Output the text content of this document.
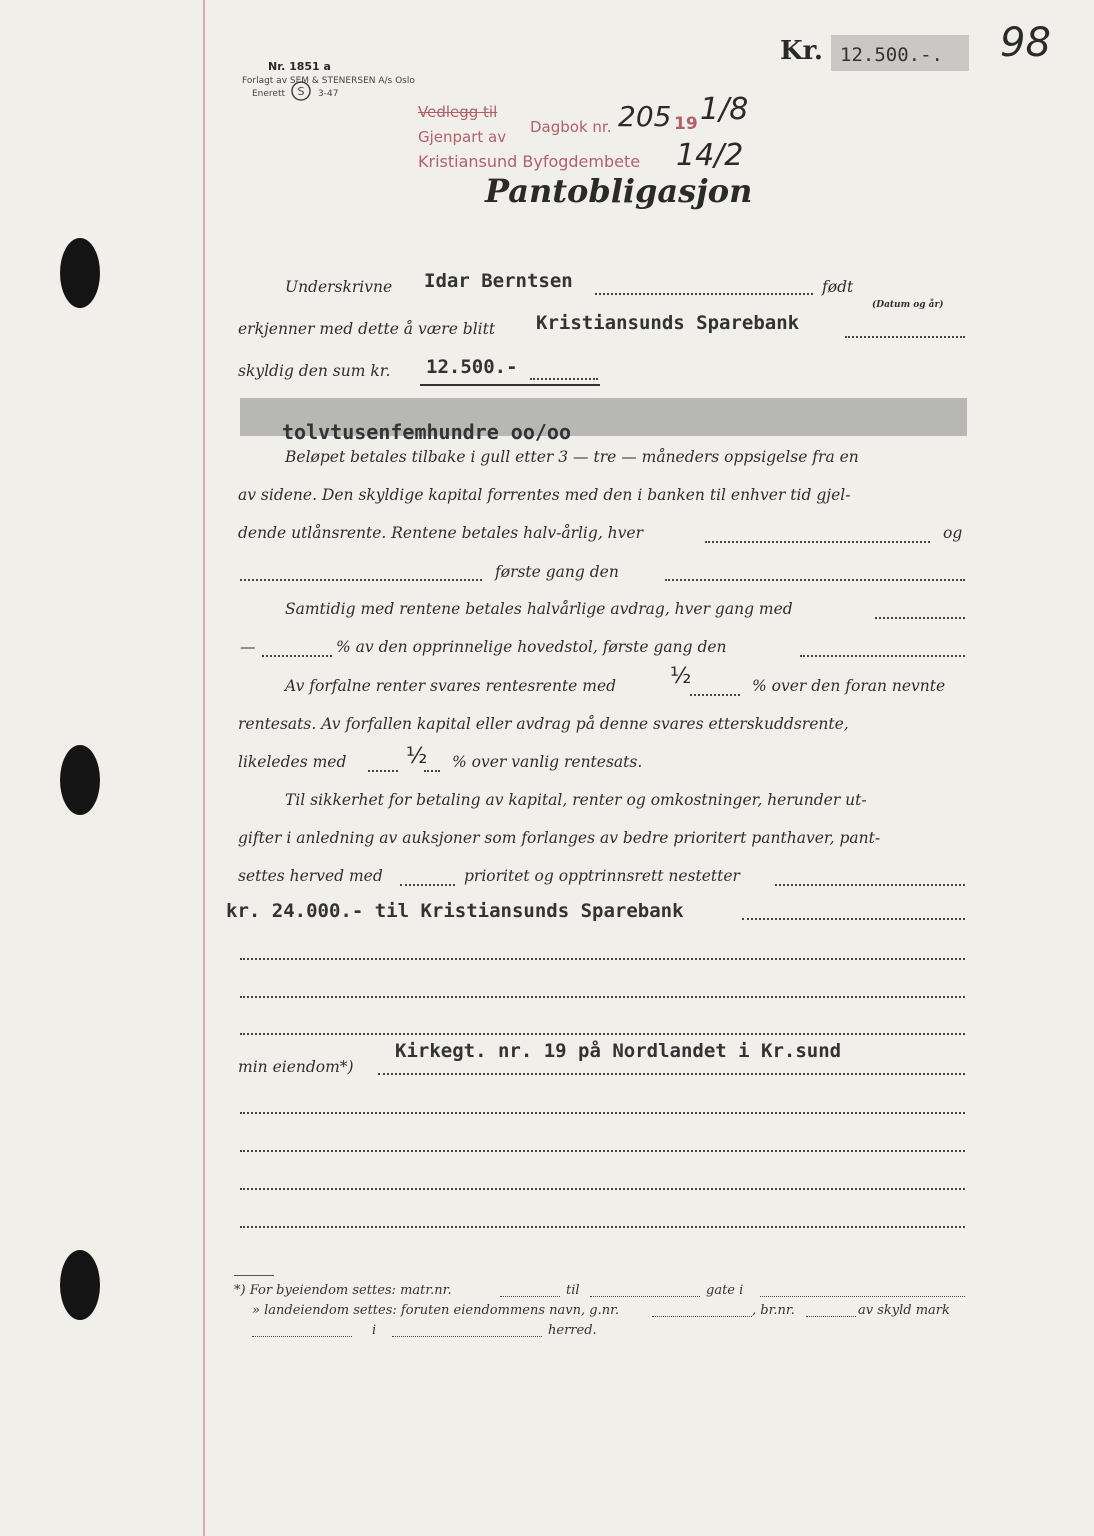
Nr. 1851 a
Forlagt av SEM & STENERSEN A/s Oslo
Enerett S 3-47
Vedlegg til
Gjenpart av
Dagbok nr. 205 19 1/8
Kristiansund Byfogdembete 14/2
Kr. 12.500.-. 98
Pantobligasjon
Underskrivne Idar Berntsen	født
(Datum og år)
erkjenner med dette å være blitt Kristiansunds Sparebank
skyldig den sum kr. 12.500.-
tolvtusenfemhundre oo/oo
Beløpet betales tilbake i gull etter 3 — tre — måneders oppsigelse fra en
av sidene. Den skyldige kapital forrentes med den i banken til enhver tid gjel-
dende utlånsrente. Rentene betales halv-årlig, hver	og
første gang den
Samtidig med rentene betales halvårlige avdrag, hver gang med
—	% av den opprinnelige hovedstol, første gang den
Av forfalne renter svares rentesrente med ½	% over den foran nevnte
rentesats. Av forfallen kapital eller avdrag på denne svares etterskuddsrente,
likeledes med	½ % over vanlig rentesats.
Til sikkerhet for betaling av kapital, renter og omkostninger, herunder ut-
gifter i anledning av auksjoner som forlanges av bedre prioritert panthaver, pant-
settes herved med	prioritet og opptrinnsrett nestetter
kr. 24.000.- til Kristiansunds Sparebank
Kirkegt. nr. 19 på Nordlandet i Kr.sund
min eiendom*)
*) For byeiendom settes: matr.nr.	til	gate i
» landeiendom settes: foruten eiendommens navn, g.nr.	, br.nr.	av skyld mark
i	herred.
